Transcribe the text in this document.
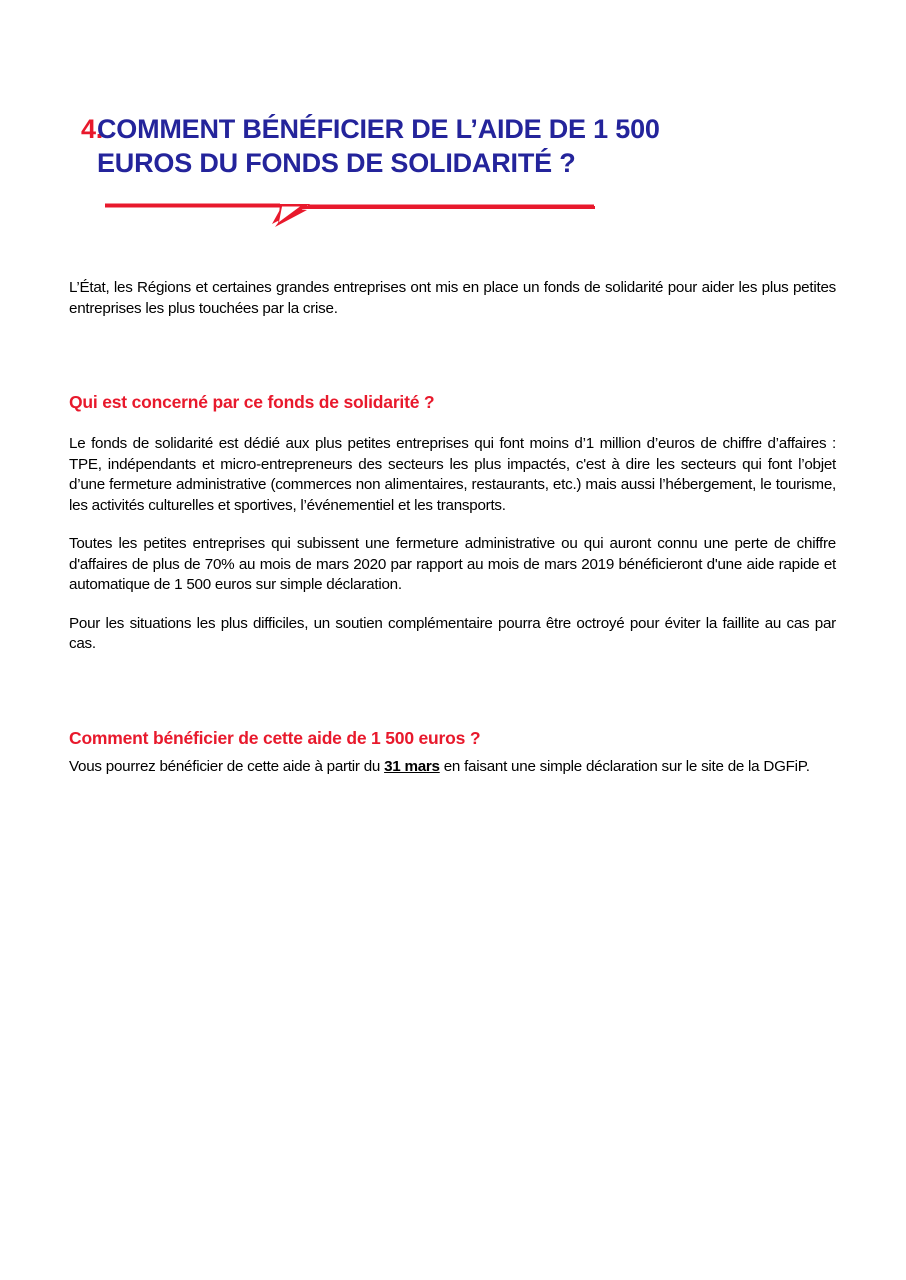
4.
COMMENT BÉNÉFICIER DE L’AIDE DE 1 500 EUROS DU FONDS DE SOLIDARITÉ ?

L’État, les Régions et certaines grandes entreprises ont mis en place un fonds de solidarité pour aider les plus petites entreprises les plus touchées par la crise.

Qui est concerné par ce fonds de solidarité ?

Le fonds de solidarité est dédié aux plus petites entreprises qui font moins d’1 million d’euros de chiffre d’affaires : TPE, indépendants et micro-entrepreneurs des secteurs les plus impactés, c'est à dire les secteurs qui font l’objet d’une fermeture administrative (commerces non alimentaires, restaurants, etc.) mais aussi l’hébergement, le tourisme, les activités culturelles et sportives, l’événementiel et les transports.

Toutes les petites entreprises qui subissent une fermeture administrative ou qui auront connu une perte de chiffre d'affaires de plus de 70% au mois de mars 2020 par rapport au mois de mars 2019 bénéficieront d'une aide rapide et automatique de 1 500 euros sur simple déclaration.

Pour les situations les plus difficiles, un soutien complémentaire pourra être octroyé pour éviter la faillite au cas par cas.

Comment bénéficier de cette aide de 1 500 euros ?

Vous pourrez bénéficier de cette aide à partir du 31 mars en faisant une simple déclaration sur le site de la DGFiP.
